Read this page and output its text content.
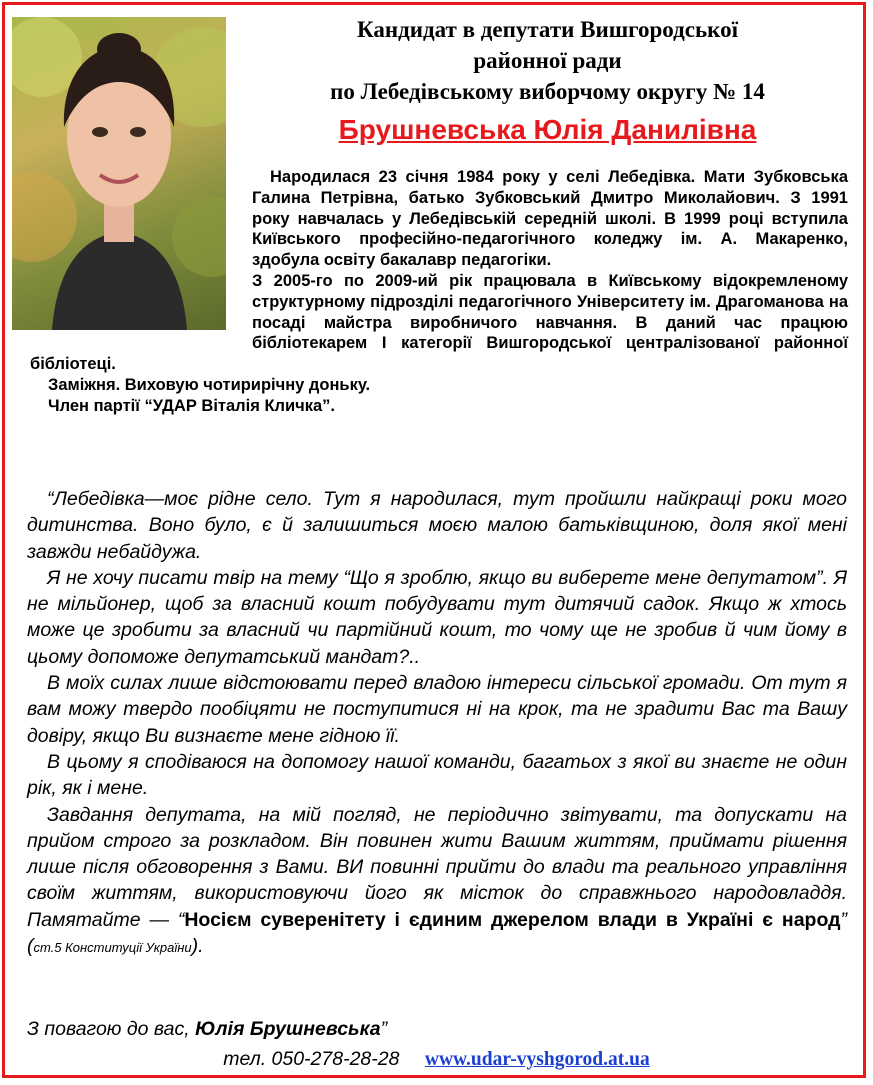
Кандидат в депутати Вишгородської
районної ради
по Лебедівському виборчому округу № 14
Брушневська Юлія Данилівна

Народилася 23 січня 1984 року у селі Лебедівка. Мати Зубковська Галина Петрівна, батько Зубковський Дмитро Миколайович. З 1991 року навчалась у Лебедівській середній школі. В 1999 році вступила Київського професійно-педагогічного коледжу ім. А. Макаренко, здобула освіту бакалавр педагогіки.

З 2005-го по 2009-ий рік працювала в Київському відокремленому структурному підрозділі педагогічного Університету ім. Драгоманова на посаді майстра виробничого навчання. В даний час працюю бібліотекарем І категорії Вишгородської централізованої районної бібліотеці.

Заміжня. Виховую чотирирічну доньку.

Член партії “УДАР Віталія Кличка”.

“Лебедівка—моє рідне село. Тут я народилася, тут пройшли найкращі роки мого дитинства. Воно було, є й залишиться моєю малою батьківщиною, доля якої мені завжди небайдужа.

Я не хочу писати твір на тему “Що я зроблю, якщо ви виберете мене депутатом”. Я не мільйонер, щоб за власний кошт побудувати тут дитячий садок. Якщо ж хтось може це зробити за власний чи партійний кошт, то чому ще не зробив й чим йому в цьому допоможе депутатський мандат?..

В моїх силах лише відстоювати перед владою інтереси сільської громади. От тут я вам можу твердо пообіцяти не поступитися ні на крок, та не зрадити Вас та Вашу довіру, якщо Ви визнаєте мене гідною її.

В цьому я сподіваюся на допомогу нашої команди, багатьох з якої ви знаєте не один рік, як і мене.

Завдання депутата, на мій погляд, не періодично звітувати, та допускати на прийом строго за розкладом. Він повинен жити Вашим життям, приймати рішення лише після обговорення з Вами. ВИ повинні прийти до влади та реального управління своїм життям, використовуючи його як місток до справжнього народовладдя. Памятайте — “Носієм суверенітету і єдиним джерелом влади в Україні є народ” (ст.5 Конституції України).

З повагою до вас, Юлія Брушневська”
тел. 050-278-28-28 www.udar-vyshgorod.at.ua
